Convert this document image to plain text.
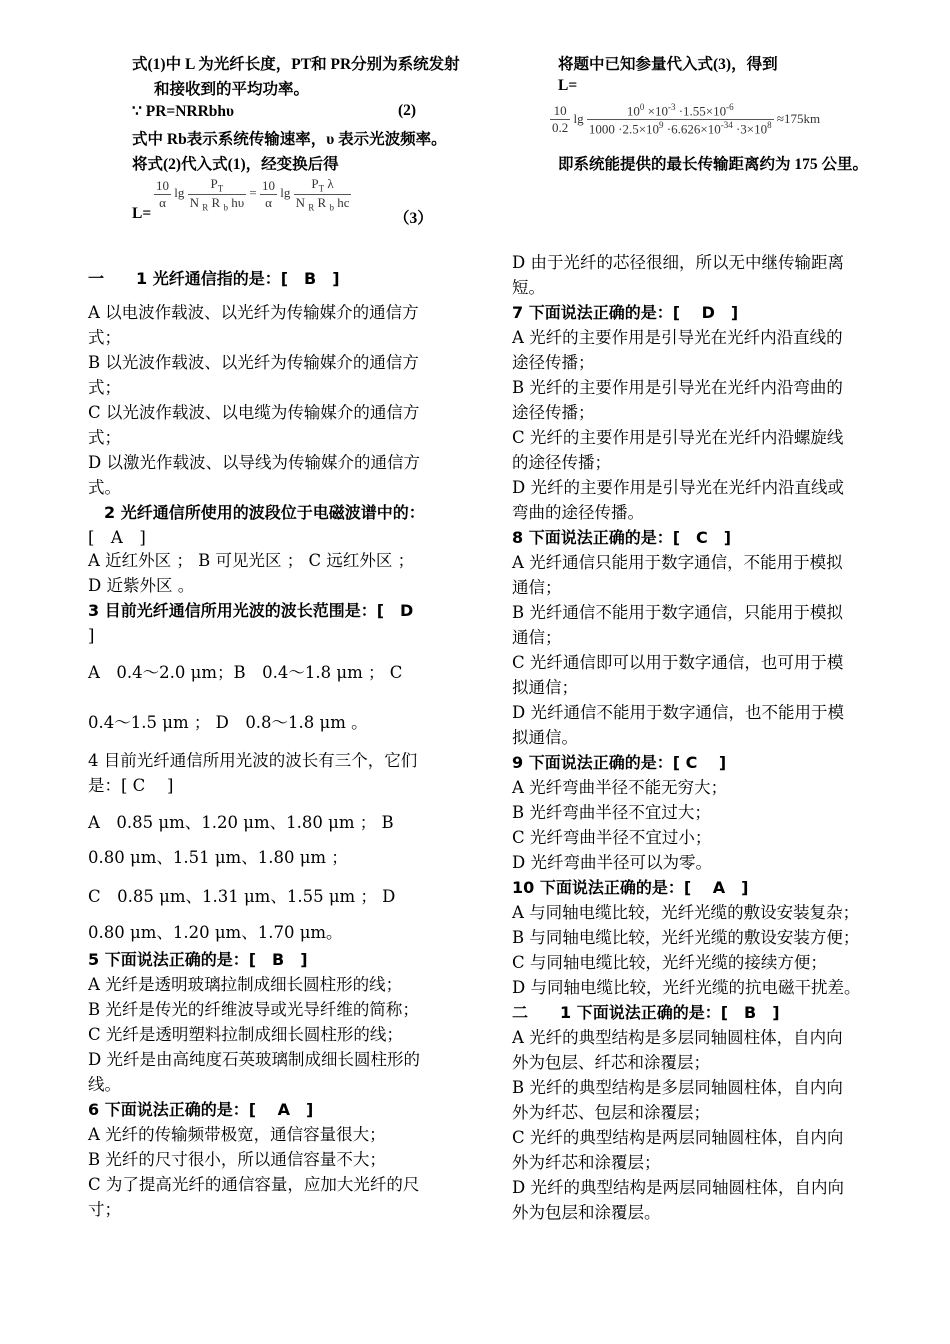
式(1)中 L 为光纤长度，PT和 PR分别为系统发射
和接收到的平均功率。
∵ PR=NRRbhυ	(2)
式中 Rb表示系统传输速率，υ 表示光波频率。
将式(2)代入式(1)，经变换后得
L=
$\frac{10}{\alpha}$ $\lg \frac{P_T}{N _R R _b h\upsilon} = \frac{10}{\alpha}$ $\lg \frac{P_T \lambda}{N _R R _b hc}$
（3）
一　　1 光纤通信指的是：[　B　]
A 以电波作载波、以光纤为传输媒介的通信方
式；
B 以光波作载波、以光纤为传输媒介的通信方
式；
C 以光波作载波、以电缆为传输媒介的通信方
式；
D 以激光作载波、以导线为传输媒介的通信方
式。
　2 光纤通信所使用的波段位于电磁波谱中的：
[　A　]
A 近红外区 ； B 可见光区 ； C 远红外区 ；
D 近紫外区 。
3 目前光纤通信所用光波的波长范围是：[　D
]
A　0.4～2.0 μm；B　0.4～1.8 μm ； C
0.4～1.5 μm ； D　0.8～1.8 μm 。
4 目前光纤通信所用光波的波长有三个，它们
是：[ C　 ]
A　0.85 μm、1.20 μm、1.80 μm ； B
0.80 μm、1.51 μm、1.80 μm ；
C　0.85 μm、1.31 μm、1.55 μm ； D
0.80 μm、1.20 μm、1.70 μm。
5 下面说法正确的是：[　B　]
A 光纤是透明玻璃拉制成细长圆柱形的线；
B 光纤是传光的纤维波导或光导纤维的简称；
C 光纤是透明塑料拉制成细长圆柱形的线；
D 光纤是由高纯度石英玻璃制成细长圆柱形的
线。
6 下面说法正确的是：[　 A　]
A 光纤的传输频带极宽，通信容量很大；
B 光纤的尺寸很小，所以通信容量不大；
C 为了提高光纤的通信容量，应加大光纤的尺
寸；
将题中已知参量代入式(3)，得到
L=
$\frac{10}{0.2}$ $\lg \frac{10^0 \times 10^{-3} \cdot 1.55\times 10^{-6}}{1000 \cdot 2.5\times 10^9 \cdot 6.626\times 10^{-34} \cdot 3\times 10^8} \approx 175km$
即系统能提供的最长传输距离约为 175 公里。
D 由于光纤的芯径很细，所以无中继传输距离
短。
7 下面说法正确的是：[　 D　]
A 光纤的主要作用是引导光在光纤内沿直线的
途径传播；
B 光纤的主要作用是引导光在光纤内沿弯曲的
途径传播；
C 光纤的主要作用是引导光在光纤内沿螺旋线
的途径传播；
D 光纤的主要作用是引导光在光纤内沿直线或
弯曲的途径传播。
8 下面说法正确的是：[　C　]
A 光纤通信只能用于数字通信，不能用于模拟
通信；
B 光纤通信不能用于数字通信，只能用于模拟
通信；
C 光纤通信即可以用于数字通信，也可用于模
拟通信；
D 光纤通信不能用于数字通信，也不能用于模
拟通信。
9 下面说法正确的是：[ C　 ]
A 光纤弯曲半径不能无穷大；
B 光纤弯曲半径不宜过大；
C 光纤弯曲半径不宜过小；
D 光纤弯曲半径可以为零。
10 下面说法正确的是：[　 A　]
A 与同轴电缆比较，光纤光缆的敷设安装复杂；
B 与同轴电缆比较，光纤光缆的敷设安装方便；
C 与同轴电缆比较，光纤光缆的接续方便；
D 与同轴电缆比较，光纤光缆的抗电磁干扰差。
二　　1 下面说法正确的是：[　B　]
A 光纤的典型结构是多层同轴圆柱体，自内向
外为包层、纤芯和涂覆层；
B 光纤的典型结构是多层同轴圆柱体，自内向
外为纤芯、包层和涂覆层；
C 光纤的典型结构是两层同轴圆柱体，自内向
外为纤芯和涂覆层；
D 光纤的典型结构是两层同轴圆柱体，自内向
外为包层和涂覆层。
